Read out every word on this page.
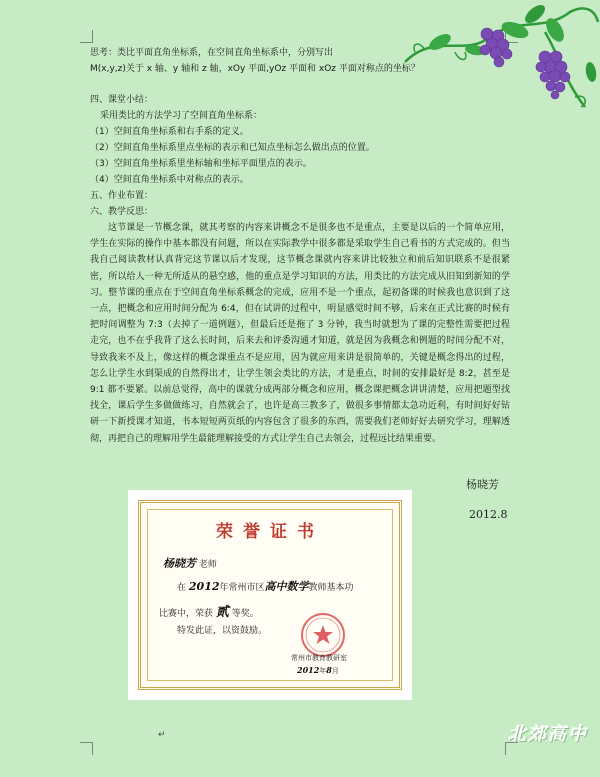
思考：类比平面直角坐标系，在空间直角坐标系中，分别写出
M(x,y,z)关于 x 轴、y 轴和 z 轴，xOy 平面,yOz 平面和 xOz 平面对称点的坐标？
四、课堂小结：
采用类比的方法学习了空间直角坐标系：
（1）空间直角坐标系和右手系的定义。
（2）空间直角坐标系里点坐标的表示和已知点坐标怎么做出点的位置。
（3）空间直角坐标系里坐标轴和坐标平面里点的表示。
（4）空间直角坐标系中对称点的表示。
五、作业布置：
六、教学反思：
这节课是一节概念课，就其考察的内容来讲概念不是很多也不是重点，主要是以后的一个简单应用，学生在实际的操作中基本都没有问题，所以在实际教学中很多都是采取学生自己看书的方式完成的。但当我自己阅读教材认真背完这节课以后才发现，这节概念课就内容来讲比较独立和前后知识联系不是很紧密，所以给人一种无所适从的悬空感，他的重点是学习知识的方法，用类比的方法完成从旧知到新知的学习。整节课的重点在于空间直角坐标系概念的完成，应用不是一个重点，起初备课的时候我也意识到了这一点，把概念和应用时间分配为 6:4，但在试讲的过程中，明显感觉时间不够，后来在正式比赛的时候有把时间调整为 7:3（去掉了一道例题），但最后还是拖了 3 分钟，我当时就想为了课的完整性需要把过程走完，也不在乎我背了这么长时间，后来去和评委沟通才知道，就是因为我概念和例题的时间分配不对，导致我来不及上，像这样的概念课重点不是应用，因为就应用来讲是很简单的，关键是概念得出的过程，怎么让学生水到渠成的自然得出才，让学生领会类比的方法，才是重点，时间的安排最好是 8:2，甚至是 9:1 都不要紧。以前总觉得，高中的课就分成两部分概念和应用，概念课把概念讲讲清楚，应用把题型找找全，课后学生多做做练习，自然就会了，也许是高三教多了，做很多事情都太急功近利，有时间好好钻研一下新授课才知道，书本短短两页纸的内容包含了很多的东西，需要我们老师好好去研究学习，理解透彻，再把自己的理解用学生最能理解接受的方式让学生自己去领会，过程远比结果重要。
杨晓芳
2012.8
荣誉证书
杨晓芳 老师
在 2012年常州市区高中数学教师基本功
比赛中，荣获 贰 等奖。
特发此证，以资鼓励。
常州市教育教研室
2012年8月
↵	北郊高中
